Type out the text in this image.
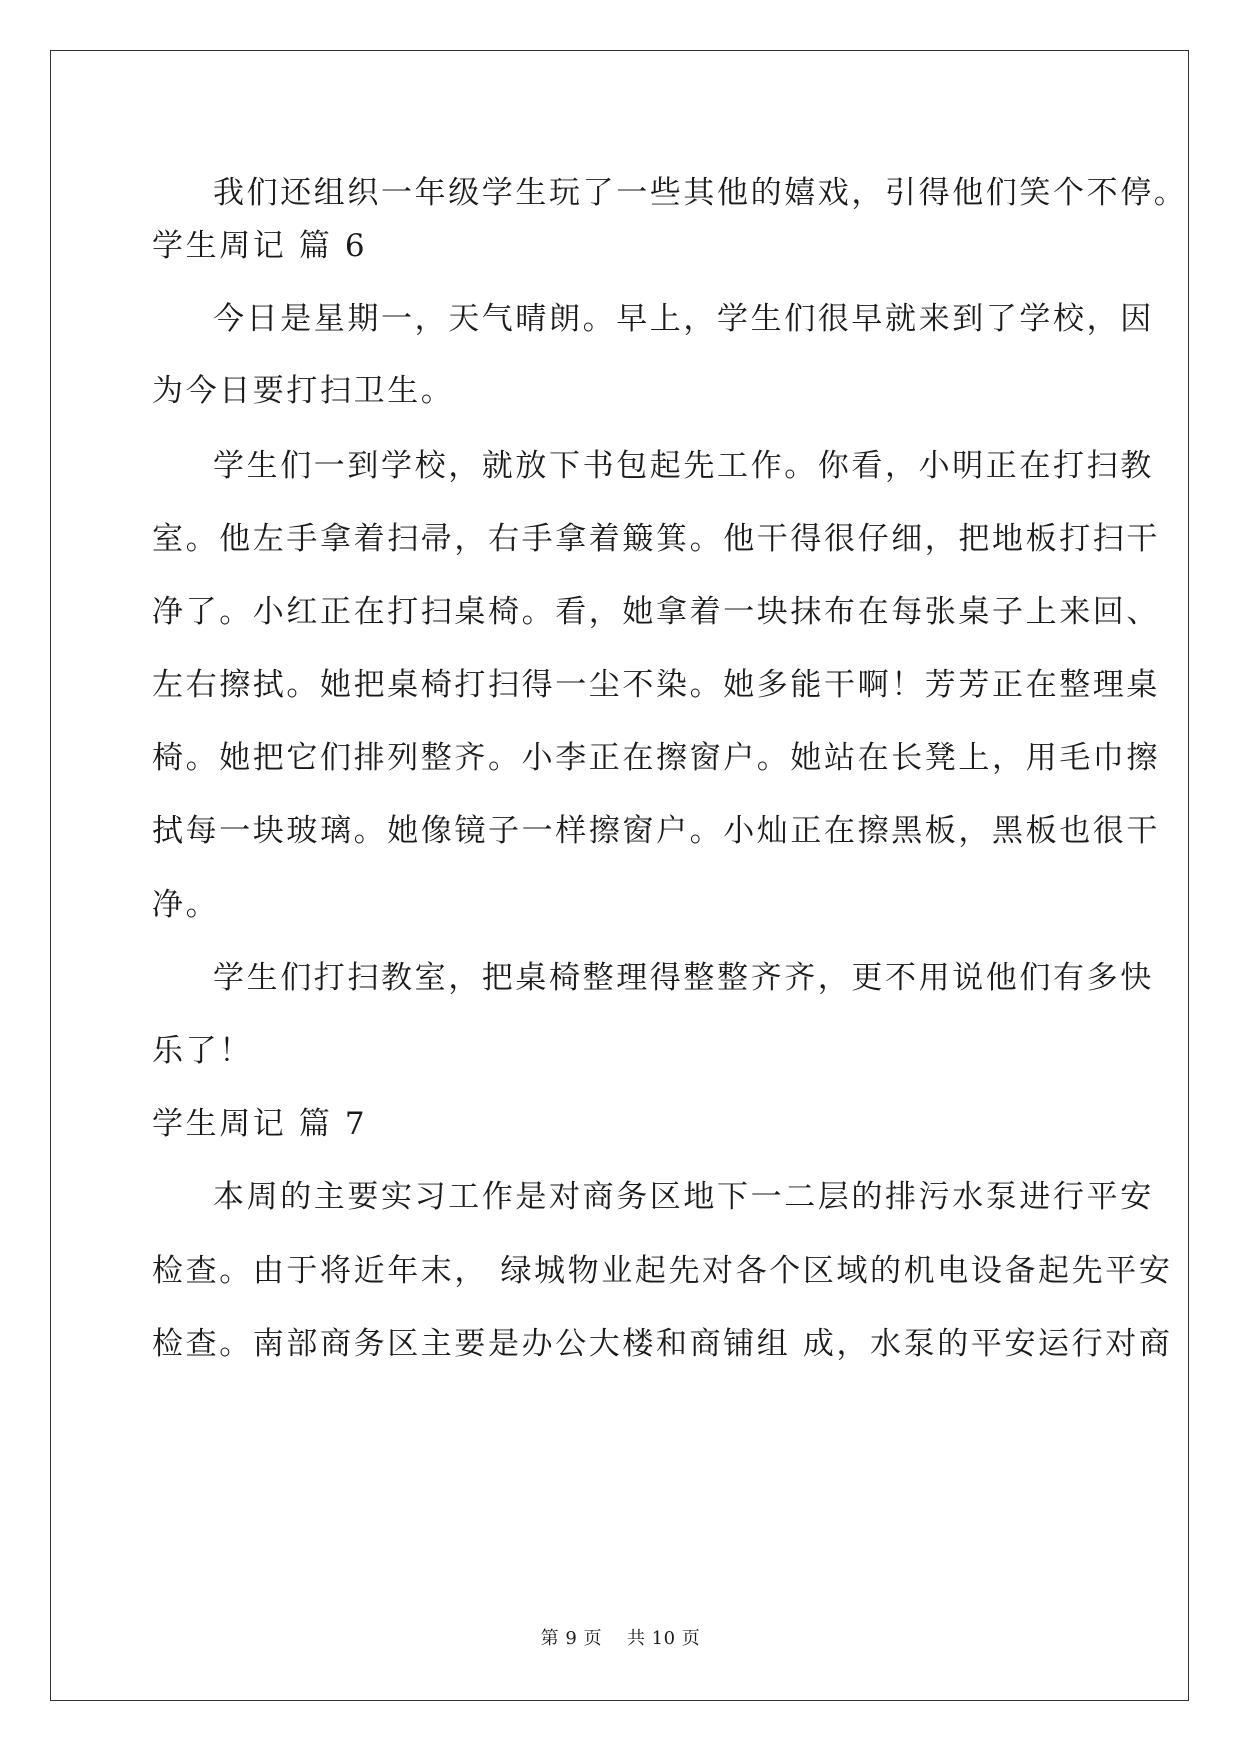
我们还组织一年级学生玩了一些其他的嬉戏，引得他们笑个不停。
学生周记 篇 6
今日是星期一，天气晴朗。早上，学生们很早就来到了学校，因
为今日要打扫卫生。
学生们一到学校，就放下书包起先工作。你看，小明正在打扫教
室。他左手拿着扫帚，右手拿着簸箕。他干得很仔细，把地板打扫干
净了。小红正在打扫桌椅。看，她拿着一块抹布在每张桌子上来回、
左右擦拭。她把桌椅打扫得一尘不染。她多能干啊！芳芳正在整理桌
椅。她把它们排列整齐。小李正在擦窗户。她站在长凳上，用毛巾擦
拭每一块玻璃。她像镜子一样擦窗户。小灿正在擦黑板，黑板也很干
净。
学生们打扫教室，把桌椅整理得整整齐齐，更不用说他们有多快
乐了！
学生周记 篇 7
本周的主要实习工作是对商务区地下一二层的排污水泵进行平安
检查。由于将近年末， 绿城物业起先对各个区域的机电设备起先平安
检查。南部商务区主要是办公大楼和商铺组 成，水泵的平安运行对商
第 9 页    共 10 页
